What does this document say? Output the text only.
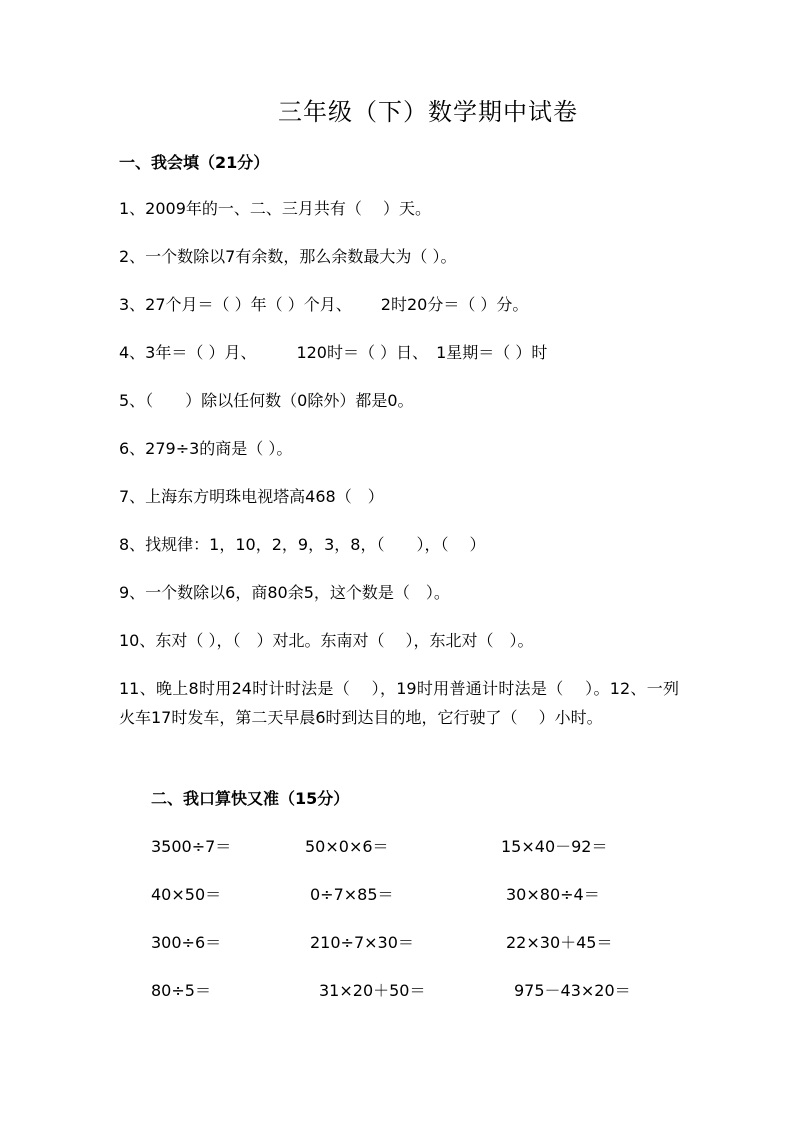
三年级（下）数学期中试卷
一、我会填（21分）
1、2009年的一、二、三月共有（　 ）天。
2、一个数除以7有余数，那么余数最大为（ ）。
3、27个月＝（ ）年（ ）个月、　　 2时20分＝（ ）分。
4、3年＝（ ）月、　　　120时＝（ ）日、　1星期＝（ ）时
5、（　　）除以任何数（0除外）都是0。
6、279÷3的商是（ ）。
7、上海东方明珠电视塔高468（　）
8、找规律：1，10，2，9，3，8，（　　），（　 ）
9、一个数除以6，商80余5，这个数是（　）。
10、东对（ ），（　）对北。东南对（　 ），东北对（　）。
11、晚上8时用24时计时法是（　 ），19时用普通计时法是（　 ）。12、一列火车17时发车，第二天早晨6时到达目的地，它行驶了（　 ）小时。
二、我口算快又准（15分）
3500÷7＝	50×0×6＝	15×40－92＝
40×50＝	0÷7×85＝	30×80÷4＝
300÷6＝	210÷7×30＝	22×30＋45＝
80÷5＝	31×20＋50＝	975－43×20＝
